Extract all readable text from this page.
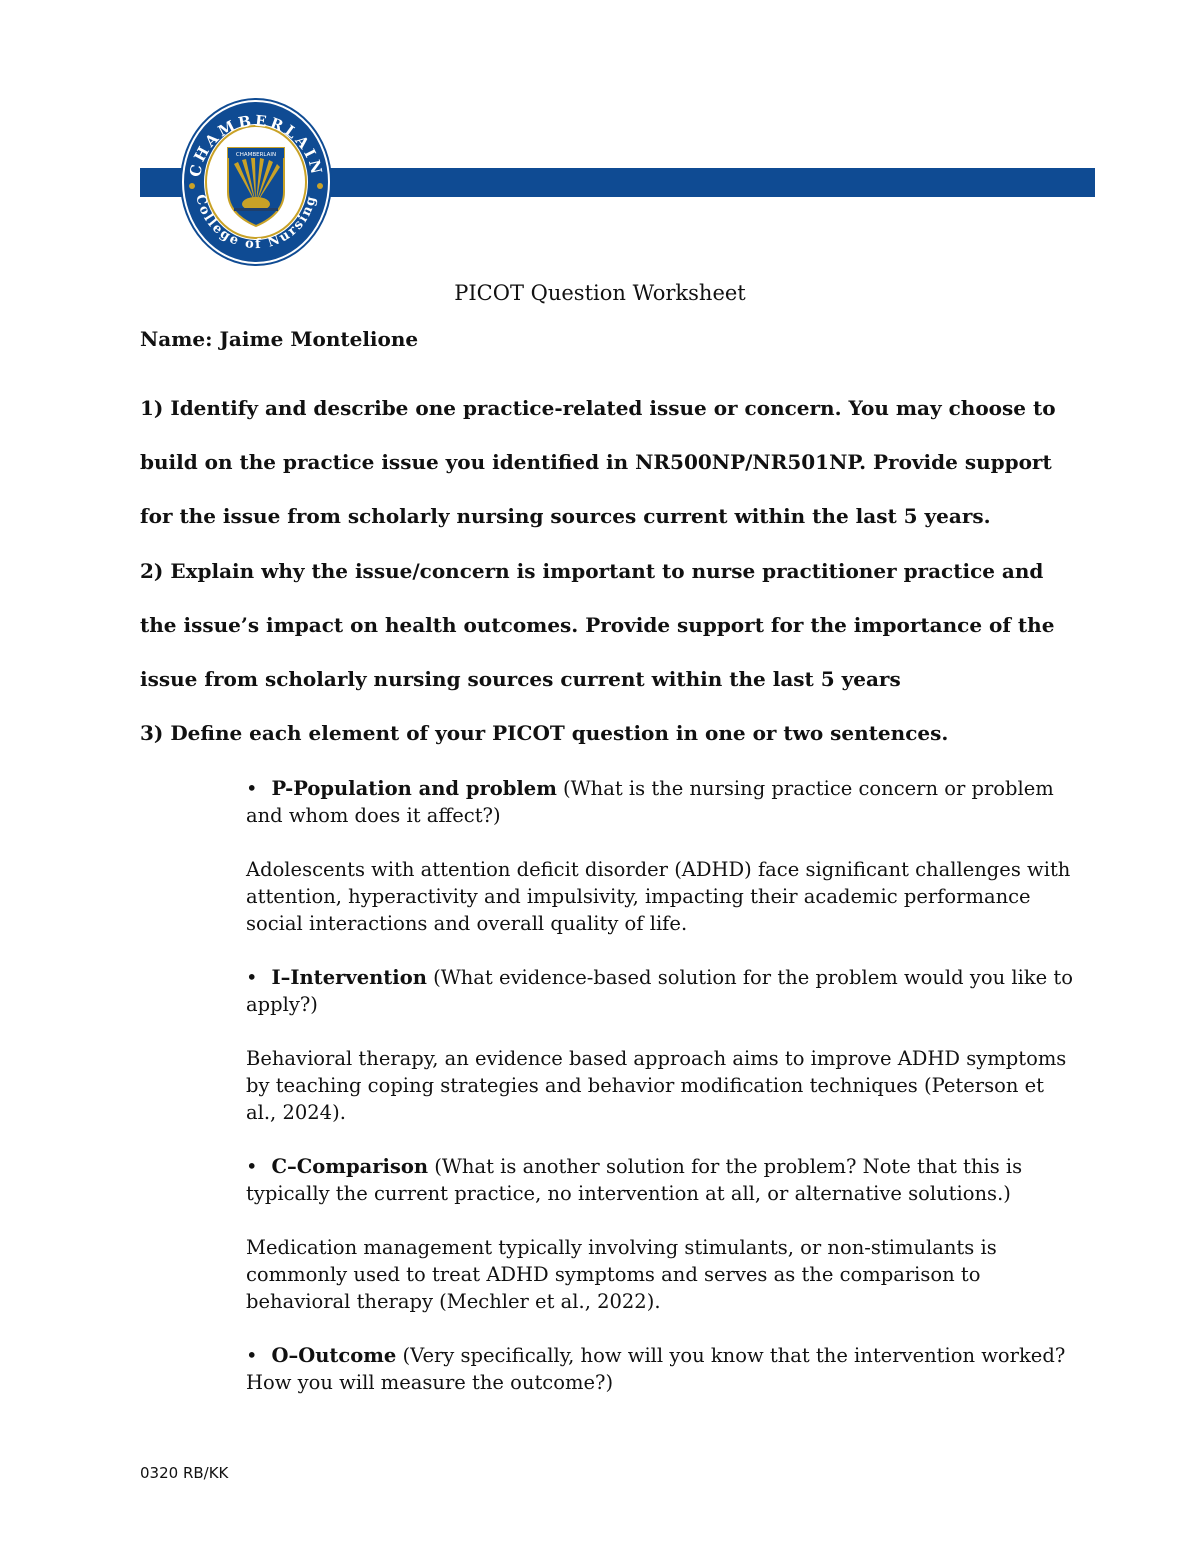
CHAMBERLAIN
College of Nursing
CHAMBERLAIN
PICOT Question Worksheet
Name: Jaime Montelione

1) Identify and describe one practice-related issue or concern. You may choose to build on the practice issue you identified in NR500NP/NR501NP. Provide support for the issue from scholarly nursing sources current within the last 5 years.

2) Explain why the issue/concern is important to nurse practitioner practice and the issue’s impact on health outcomes. Provide support for the importance of the issue from scholarly nursing sources current within the last 5 years

3) Define each element of your PICOT question in one or two sentences.

• P-Population and problem (What is the nursing practice concern or problem and whom does it affect?)

Adolescents with attention deficit disorder (ADHD) face significant challenges with attention, hyperactivity and impulsivity, impacting their academic performance social interactions and overall quality of life.

• I–Intervention (What evidence-based solution for the problem would you like to apply?)

Behavioral therapy, an evidence based approach aims to improve ADHD symptoms by teaching coping strategies and behavior modification techniques (Peterson et al., 2024).

• C–Comparison (What is another solution for the problem? Note that this is typically the current practice, no intervention at all, or alternative solutions.)

Medication management typically involving stimulants, or non-stimulants is commonly used to treat ADHD symptoms and serves as the comparison to behavioral therapy (Mechler et al., 2022).

• O–Outcome (Very specifically, how will you know that the intervention worked? How you will measure the outcome?)

0320 RB/KK
